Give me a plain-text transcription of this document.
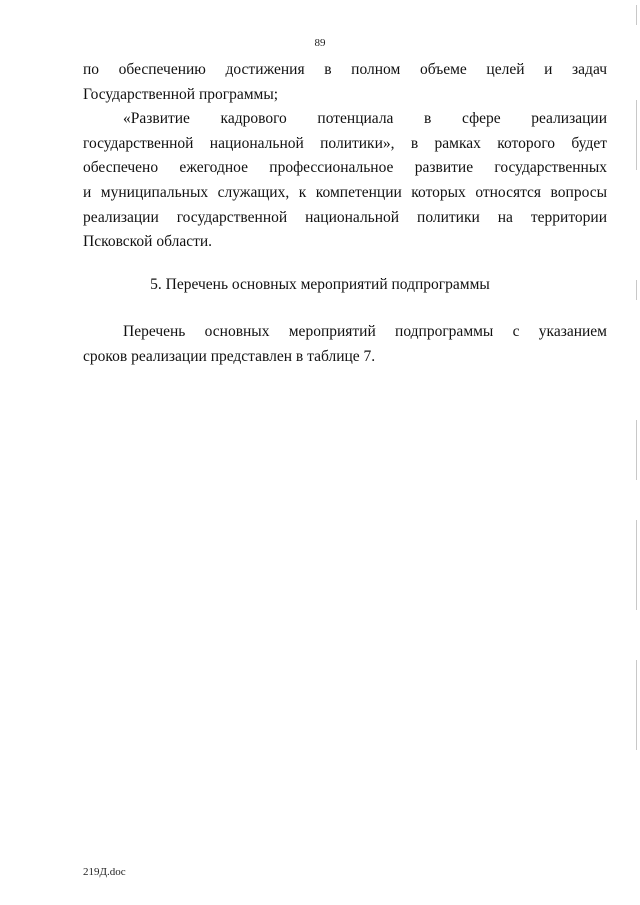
89

по обеспечению достижения в полном объеме целей и задач
Государственной программы;

«Развитие кадрового потенциала в сфере реализации
государственной национальной политики», в рамках которого будет
обеспечено ежегодное профессиональное развитие государственных
и муниципальных служащих, к компетенции которых относятся вопросы
реализации государственной национальной политики на территории
Псковской области.

5. Перечень основных мероприятий подпрограммы

Перечень основных мероприятий подпрограммы с указанием
сроков реализации представлен в таблице 7.

219Д.doc
